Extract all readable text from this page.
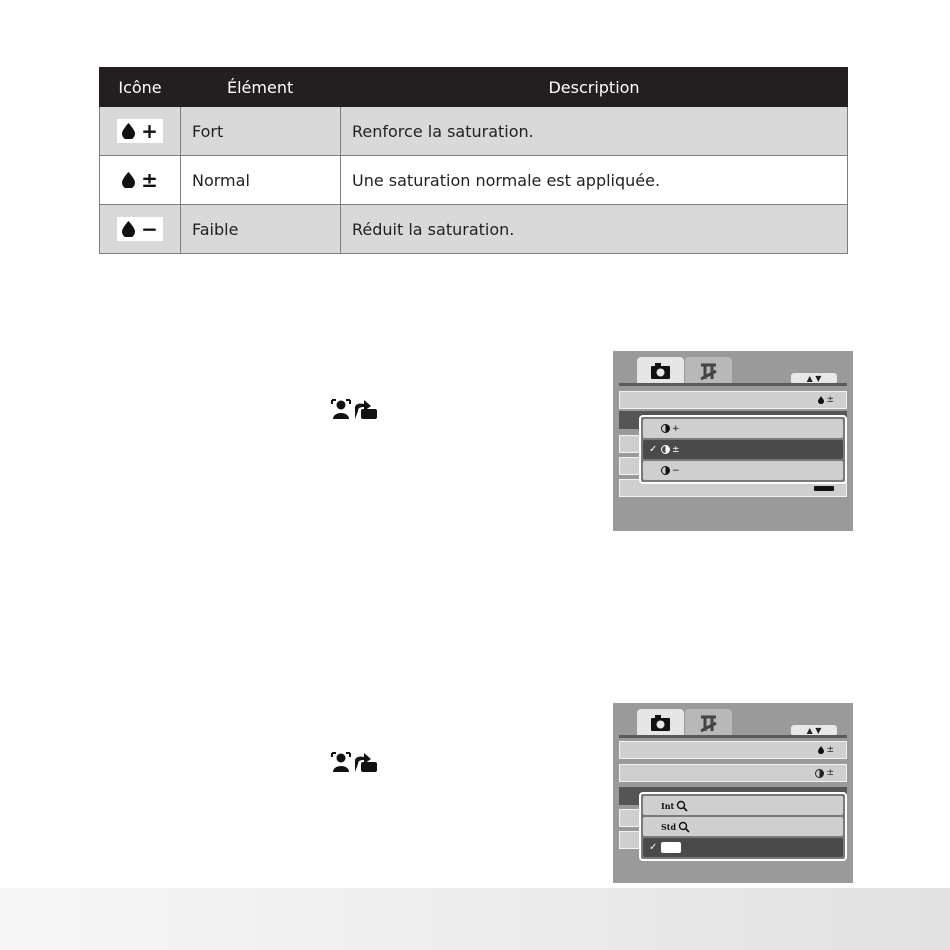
Icône	Élément	Description

+	Fort	Renforce la saturation.

±	Normal	Une saturation normale est appliquée.

−	Faible	Réduit la saturation.
▲ ▼
±
+
✓	±
−
▲ ▼
±
±
Int
Std
✓
